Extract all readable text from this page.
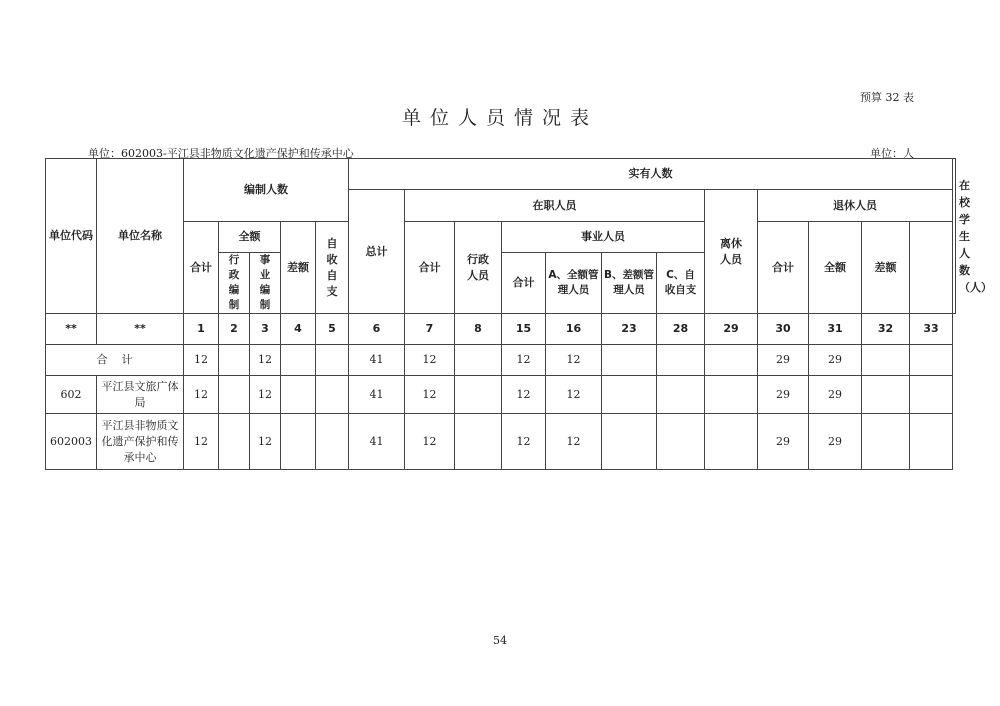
预算 32 表
单位人员情况表
单位：602003-平江县非物质文化遗产保护和传承中心	单位：人
单位代码	单位名称	编制人数					实有人数												在校学生人数（人）
							总计	在职人员						离休人员	退休人员				
		合计	全额		差额	自收自支		合计	行政人员	事业人员					合计	全额	差额		
			行政编制	事业编制						合计	A、全额管理人员	B、差额管理人员	C、自收自支						
**	**	1	2	3	4	5	6	7	8	15	16	23	28	29	30	31	32	33	
合    计		12		12			41	12		12	12				29	29			
602	平江县文旅广体局	12		12			41	12		12	12				29	29			
602003	平江县非物质文化遗产保护和传承中心	12		12			41	12		12	12				29	29			
54
